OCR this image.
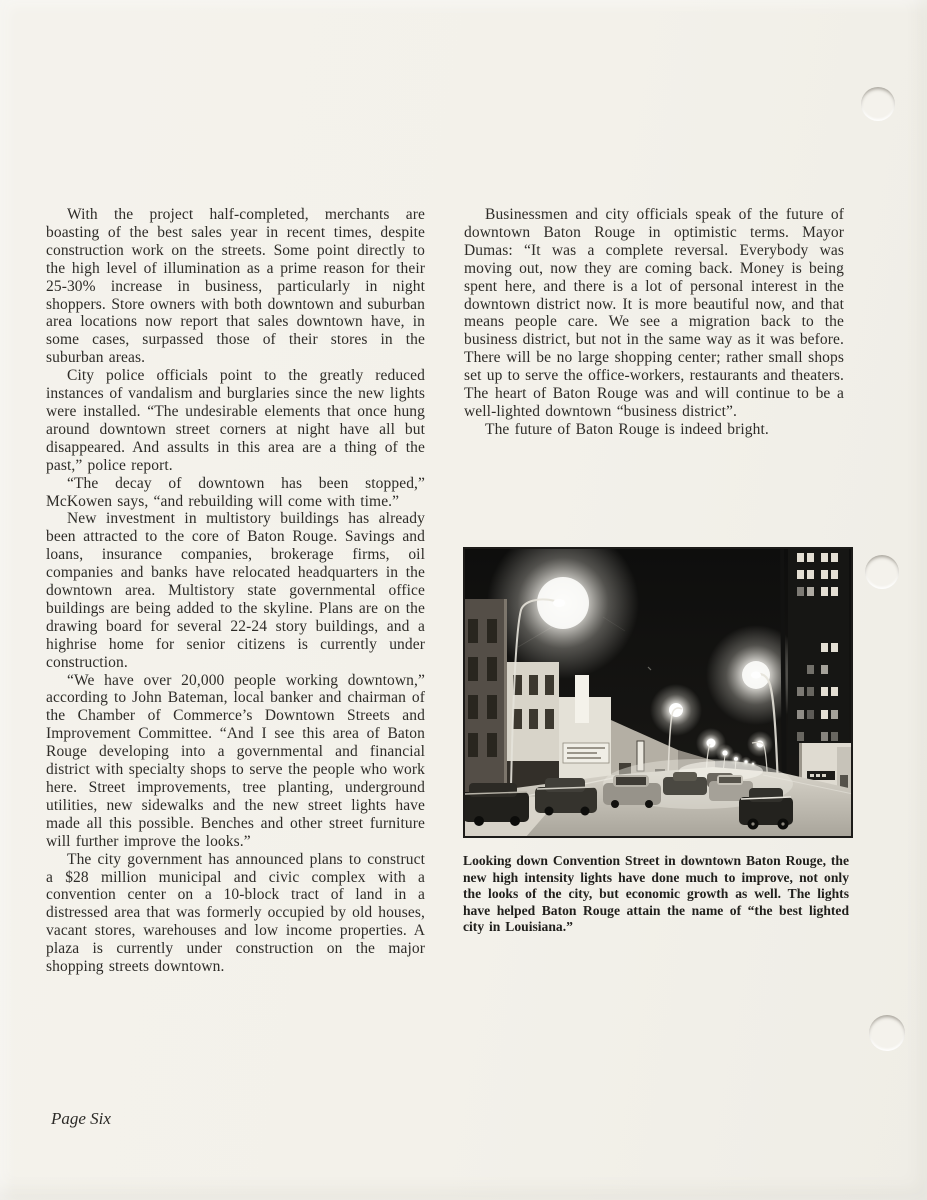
With the project half-completed, merchants are boasting of the best sales year in recent times, despite construction work on the streets. Some point directly to the high level of illumination as a prime reason for their 25-30% increase in business, particularly in night shoppers. Store owners with both downtown and suburban area locations now report that sales downtown have, in some cases, surpassed those of their stores in the suburban areas.

City police officials point to the greatly reduced instances of vandalism and burglaries since the new lights were installed. “The undesirable elements that once hung around downtown street corners at night have all but disappeared. And assults in this area are a thing of the past,” police report.

“The decay of downtown has been stopped,” McKowen says, “and rebuilding will come with time.”

New investment in multistory buildings has already been attracted to the core of Baton Rouge. Savings and loans, insurance companies, brokerage firms, oil companies and banks have relocated headquarters in the downtown area. Multistory state governmental office buildings are being added to the skyline. Plans are on the drawing board for several 22-24 story buildings, and a highrise home for senior citizens is currently under construction.

“We have over 20,000 people working downtown,” according to John Bateman, local banker and chairman of the Chamber of Commerce’s Downtown Streets and Improvement Committee. “And I see this area of Baton Rouge developing into a governmental and financial district with specialty shops to serve the people who work here. Street improvements, tree planting, underground utilities, new sidewalks and the new street lights have made all this possible. Benches and other street furniture will further improve the looks.”

The city government has announced plans to construct a $28 million municipal and civic complex with a convention center on a 10-block tract of land in a distressed area that was formerly occupied by old houses, vacant stores, warehouses and low income properties. A plaza is currently under construction on the major shopping streets downtown.

Businessmen and city officials speak of the future of downtown Baton Rouge in optimistic terms. Mayor Dumas: “It was a complete reversal. Everybody was moving out, now they are coming back. Money is being spent here, and there is a lot of personal interest in the downtown district now. It is more beautiful now, and that means people care. We see a migration back to the business district, but not in the same way as it was before. There will be no large shopping center; rather small shops set up to serve the office-workers, restaurants and theaters. The heart of Baton Rouge was and will continue to be a well-lighted downtown “business district”.

The future of Baton Rouge is indeed bright.

Looking down Convention Street in downtown Baton Rouge, the new high intensity lights have done much to improve, not only the looks of the city, but economic growth as well. The lights have helped Baton Rouge attain the name of “the best lighted city in Louisiana.”
Page Six
